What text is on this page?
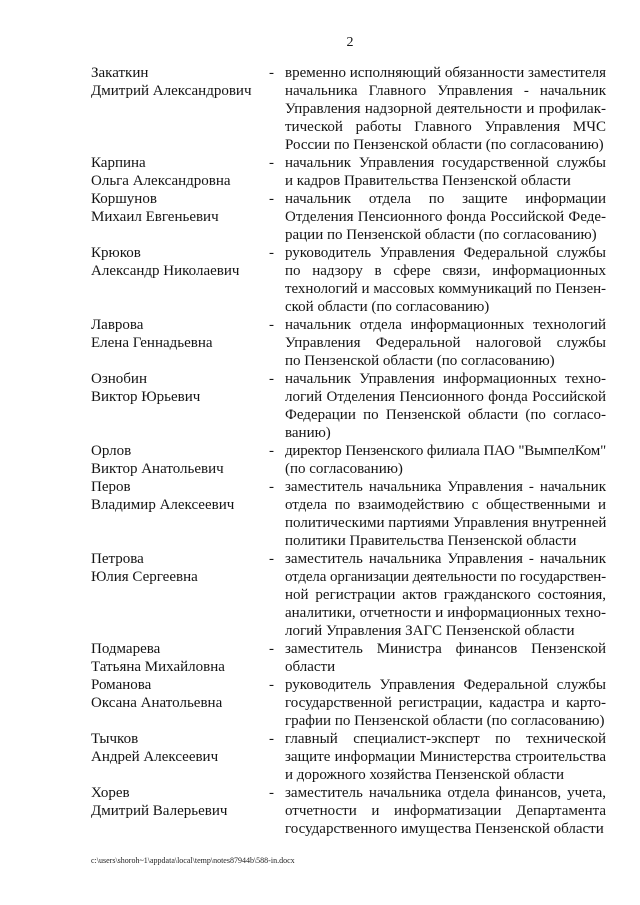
2
Закаткин
Дмитрий Александрович
- временно исполняющий обязанности заместителя
начальника Главного Управления - начальник
Управления надзорной деятельности и профилак-
тической работы Главного Управления МЧС
России по Пензенской области (по согласованию)
Карпина
Ольга Александровна
- начальник Управления государственной службы
и кадров Правительства Пензенской области
Коршунов
Михаил Евгеньевич
- начальник отдела по защите информации
Отделения Пенсионного фонда Российской Феде-
рации по Пензенской области (по согласованию)
Крюков
Александр Николаевич
- руководитель Управления Федеральной службы
по надзору в сфере связи, информационных
технологий и массовых коммуникаций по Пензен-
ской области (по согласованию)
Лаврова
Елена Геннадьевна
- начальник отдела информационных технологий
Управления Федеральной налоговой службы
по Пензенской области (по согласованию)
Ознобин
Виктор Юрьевич
- начальник Управления информационных техно-
логий Отделения Пенсионного фонда Российской
Федерации по Пензенской области (по согласо-
ванию)
Орлов
Виктор Анатольевич
- директор Пензенского филиала ПАО "ВымпелКом"
(по согласованию)
Перов
Владимир Алексеевич
- заместитель начальника Управления - начальник
отдела по взаимодействию с общественными и
политическими партиями Управления внутренней
политики Правительства Пензенской области
Петрова
Юлия Сергеевна
- заместитель начальника Управления - начальник
отдела организации деятельности по государствен-
ной регистрации актов гражданского состояния,
аналитики, отчетности и информационных техно-
логий Управления ЗАГС Пензенской области
Подмарева
Татьяна Михайловна
- заместитель Министра финансов Пензенской
области
Романова
Оксана Анатольевна
- руководитель Управления Федеральной службы
государственной регистрации, кадастра и карто-
графии по Пензенской области (по согласованию)
Тычков
Андрей Алексеевич
- главный специалист-эксперт по технической
защите информации Министерства строительства
и дорожного хозяйства Пензенской области
Хорев
Дмитрий Валерьевич
- заместитель начальника отдела финансов, учета,
отчетности и информатизации Департамента
государственного имущества Пензенской области
c:\users\shoroh~1\appdata\local\temp\notes87944b\588-in.docx
